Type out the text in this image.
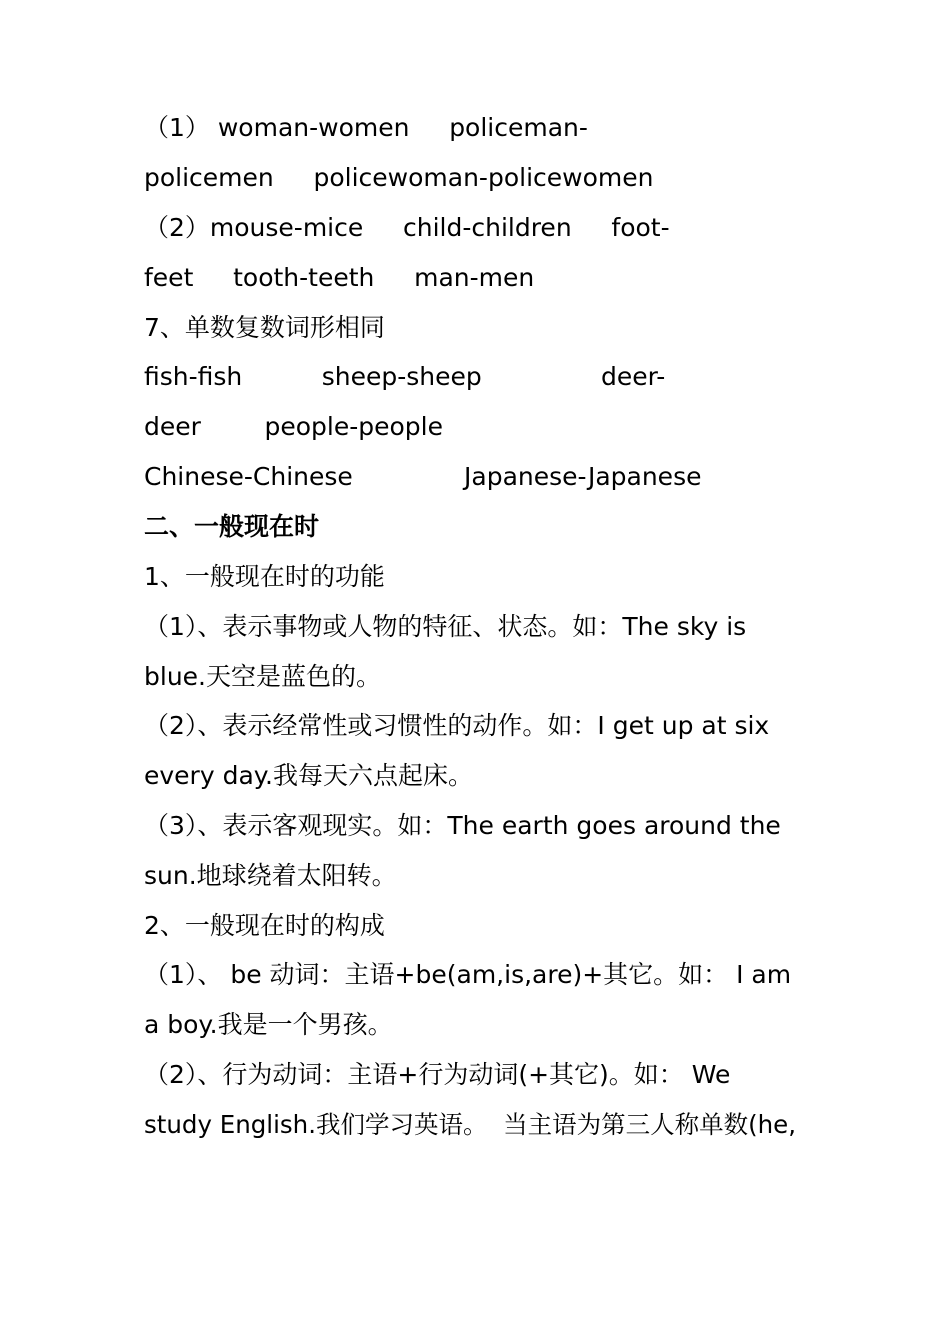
（1） woman-women     policeman-
policemen     policewoman-policewomen
（2）mouse-mice     child-children     foot-
feet     tooth-teeth     man-men
7、单数复数词形相同
fish-fish          sheep-sheep               deer-
deer        people-people
Chinese-Chinese              Japanese-Japanese
二、一般现在时
1、一般现在时的功能
（1）、表示事物或人物的特征、状态。如：The sky is
blue.天空是蓝色的。
（2）、表示经常性或习惯性的动作。如：I get up at six
every day.我每天六点起床。
（3）、表示客观现实。如：The earth goes around the
sun.地球绕着太阳转。
2、一般现在时的构成
（1）、 be 动词：主语+be(am,is,are)+其它。如： I am
a boy.我是一个男孩。
（2）、行为动词：主语+行为动词(+其它)。如： We
study English.我们学习英语。  当主语为第三人称单数(he,
